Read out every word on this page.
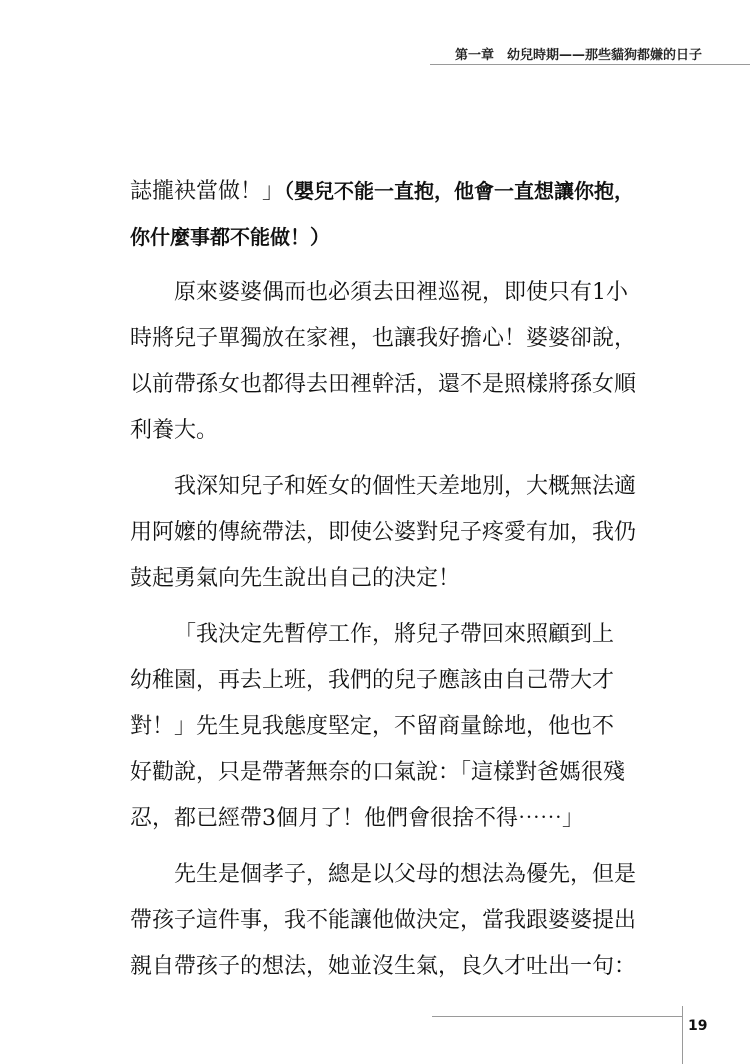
第一章　幼兒時期——那些貓狗都嫌的日子
誌攏袂當做！」（嬰兒不能一直抱，他會一直想讓你抱，
你什麼事都不能做！）
原來婆婆偶而也必須去田裡巡視，即使只有1小
時將兒子單獨放在家裡，也讓我好擔心！婆婆卻說，
以前帶孫女也都得去田裡幹活，還不是照樣將孫女順
利養大。
我深知兒子和姪女的個性天差地別，大概無法適
用阿嬤的傳統帶法，即使公婆對兒子疼愛有加，我仍
鼓起勇氣向先生說出自己的決定！
「我決定先暫停工作，將兒子帶回來照顧到上
幼稚園，再去上班，我們的兒子應該由自己帶大才
對！」先生見我態度堅定，不留商量餘地，他也不
好勸說，只是帶著無奈的口氣說：「這樣對爸媽很殘
忍，都已經帶3個月了！他們會很捨不得⋯⋯」
先生是個孝子，總是以父母的想法為優先，但是
帶孩子這件事，我不能讓他做決定，當我跟婆婆提出
親自帶孩子的想法，她並沒生氣，良久才吐出一句：
19
